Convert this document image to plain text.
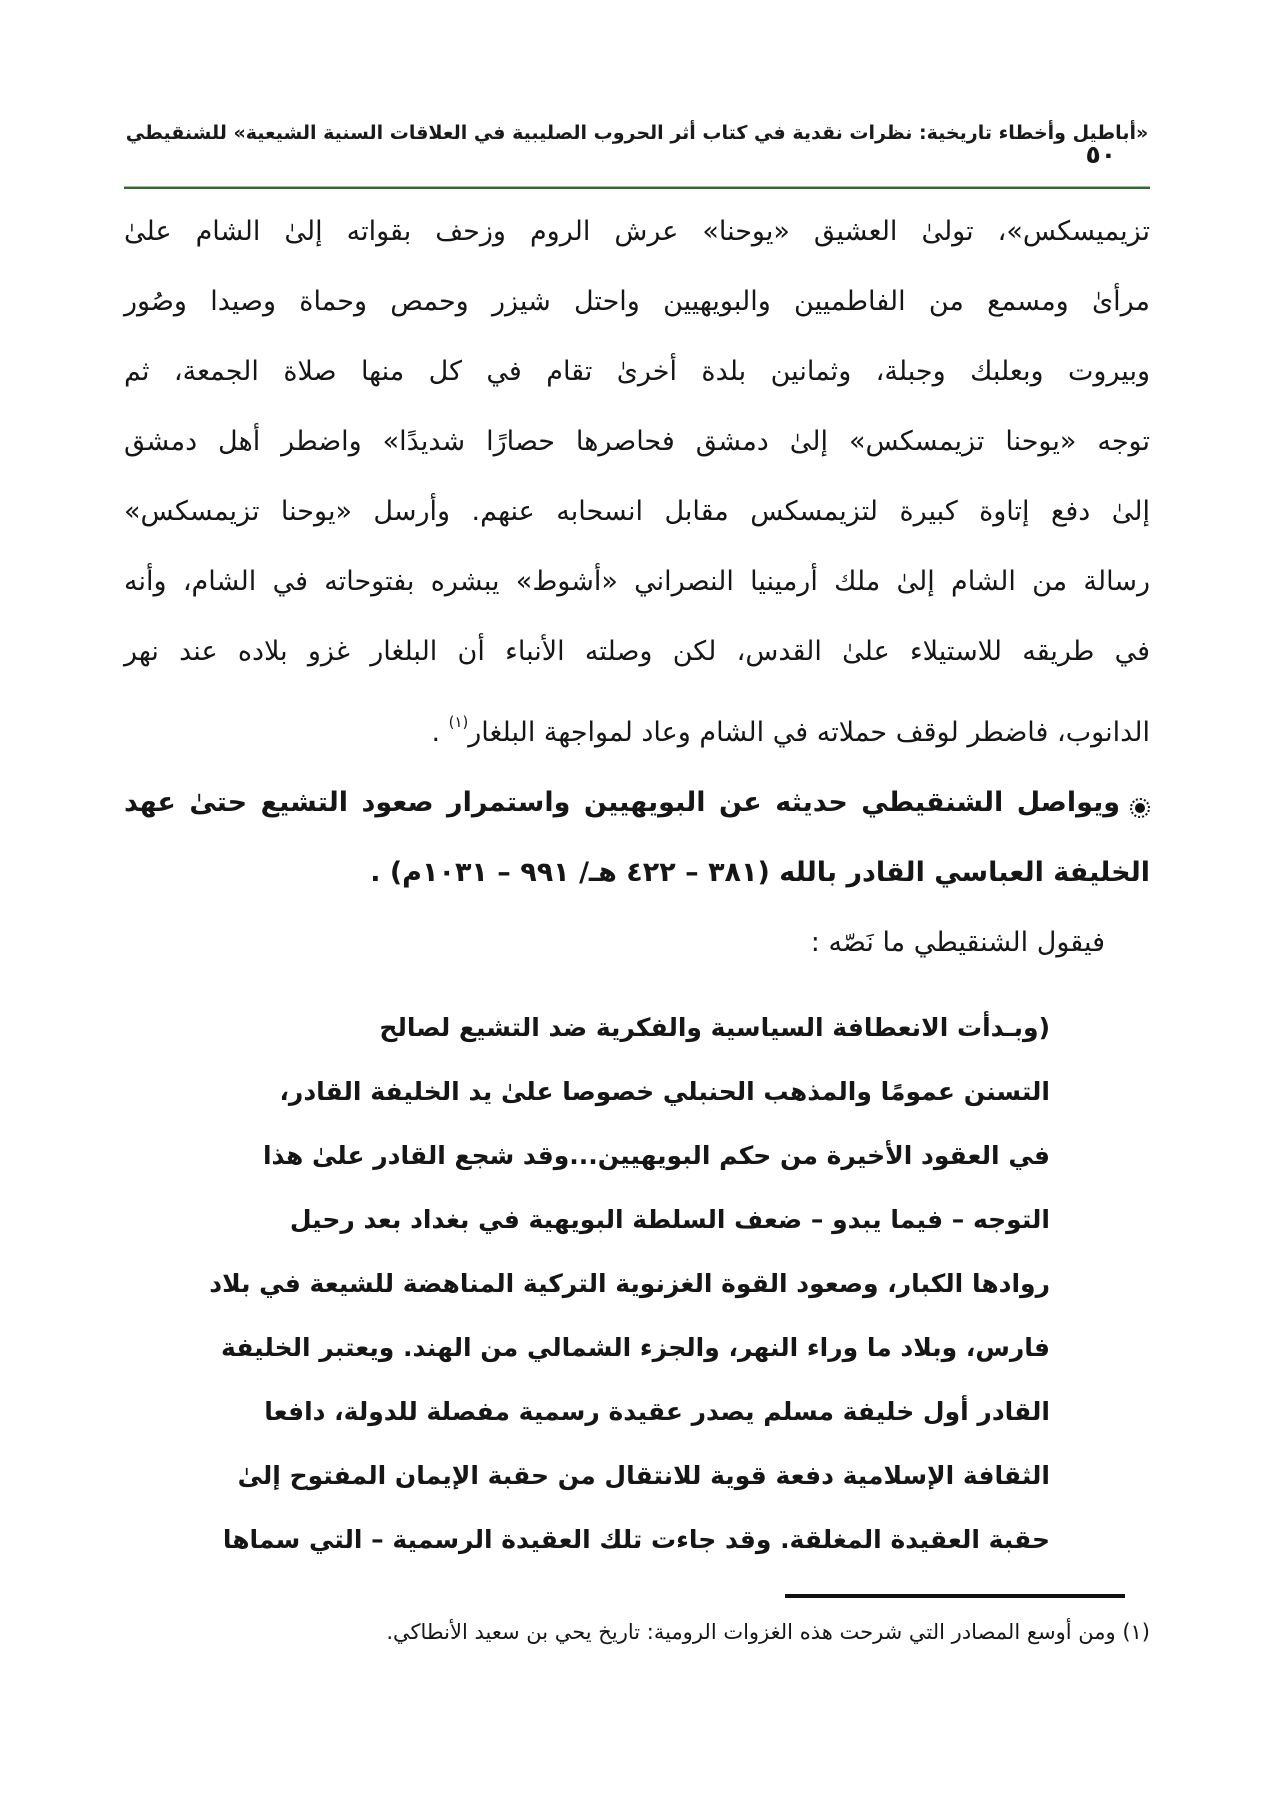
«أباطيل وأخطاء تاريخية: نظرات نقدية في كتاب أثر الحروب الصليبية في العلاقات السنية الشيعية» للشنقيطي
٥٠
تزيميسكس»، تولىٰ العشيق «يوحنا» عرش الروم وزحف بقواته إلىٰ الشام علىٰ
مرأىٰ ومسمع من الفاطميين والبويهيين واحتل شيزر وحمص وحماة وصيدا وصُور
وبيروت وبعلبك وجبلة، وثمانين بلدة أخرىٰ تقام في كل منها صلاة الجمعة، ثم
توجه «يوحنا تزيمسكس» إلىٰ دمشق فحاصرها حصارًا شديدًا» واضطر أهل دمشق
إلىٰ دفع إتاوة كبيرة لتزيمسكس مقابل انسحابه عنهم. وأرسل «يوحنا تزيمسكس»
رسالة من الشام إلىٰ ملك أرمينيا النصراني «أشوط» يبشره بفتوحاته في الشام، وأنه
في طريقه للاستيلاء علىٰ القدس، لكن وصلته الأنباء أن البلغار غزو بلاده عند نهر
الدانوب، فاضطر لوقف حملاته في الشام وعاد لمواجهة البلغار$^{(١)}$ .
ويواصل الشنقيطي حديثه عن البويهيين واستمرار صعود التشيع حتىٰ عهد
الخليفة العباسي القادر بالله (٣٨١ – ٤٢٢ هـ/ ٩٩١ – ١٠٣١م) .
فيقول الشنقيطي ما نَصّه :
(وبـدأت الانعطافة السياسية والفكرية ضد التشيع لصالح
التسنن عمومًا والمذهب الحنبلي خصوصا علىٰ يد الخليفة القادر،
في العقود الأخيرة من حكم البويهيين...وقد شجع القادر علىٰ هذا
التوجه – فيما يبدو – ضعف السلطة البويهية في بغداد بعد رحيل
روادها الكبار، وصعود القوة الغزنوية التركية المناهضة للشيعة في بلاد
فارس، وبلاد ما وراء النهر، والجزء الشمالي من الهند. ويعتبر الخليفة
القادر أول خليفة مسلم يصدر عقيدة رسمية مفصلة للدولة، دافعا
الثقافة الإسلامية دفعة قوية للانتقال من حقبة الإيمان المفتوح إلىٰ
حقبة العقيدة المغلقة. وقد جاءت تلك العقيدة الرسمية – التي سماها
(١) ومن أوسع المصادر التي شرحت هذه الغزوات الرومية: تاريخ يحي بن سعيد الأنطاكي.
